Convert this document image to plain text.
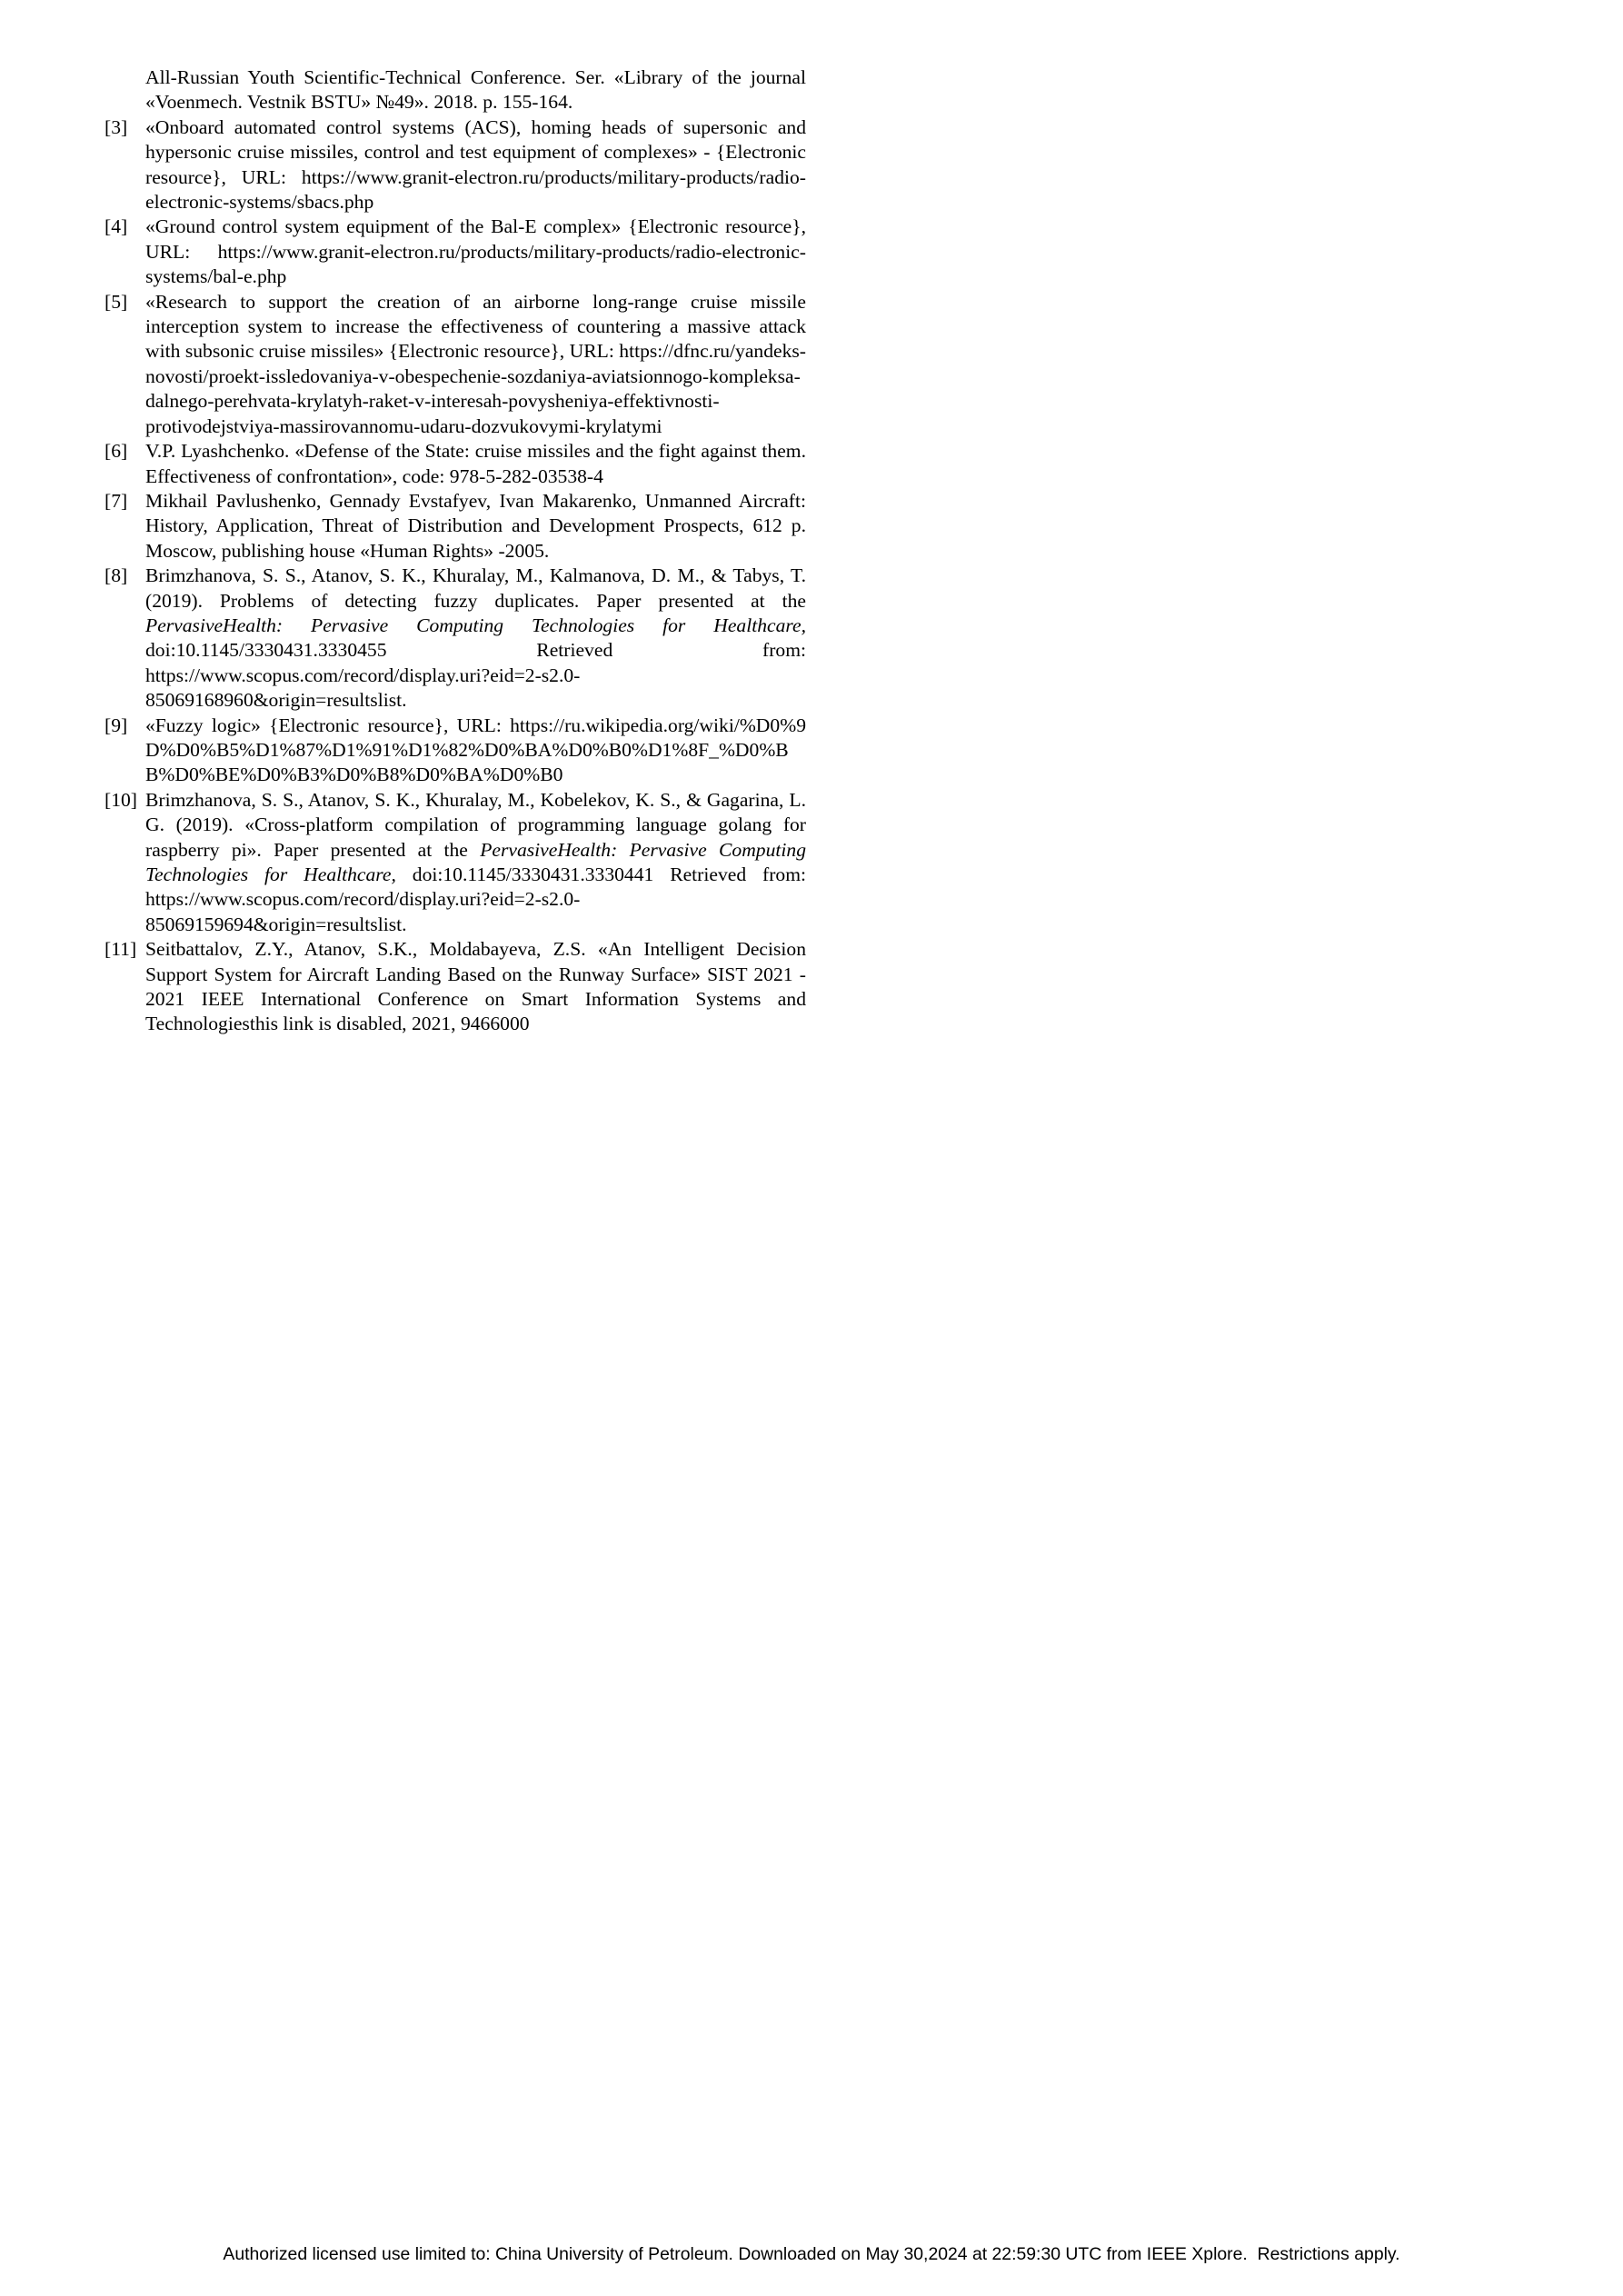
All-Russian Youth Scientific-Technical Conference. Ser. «Library of the journal «Voenmech. Vestnik BSTU» №49». 2018. p. 155-164.

[3] «Onboard automated control systems (ACS), homing heads of supersonic and hypersonic cruise missiles, control and test equipment of complexes» - {Electronic resource}, URL: https://www.granit-electron.ru/products/military-products/radio-electronic-systems/sbacs.php

[4] «Ground control system equipment of the Bal-E complex» {Electronic resource}, URL: https://www.granit-electron.ru/products/military-products/radio-electronic-systems/bal-e.php

[5] «Research to support the creation of an airborne long-range cruise missile interception system to increase the effectiveness of countering a massive attack with subsonic cruise missiles» {Electronic resource}, URL: https://dfnc.ru/yandeks-novosti/proekt-issledovaniya-v-obespechenie-sozdaniya-aviatsionnogo-kompleksa-dalnego-perehvata-krylatyh-raket-v-interesah-povysheniya-effektivnosti-protivodejstviya-massirovannomu-udaru-dozvukovymi-krylatymi

[6] V.P. Lyashchenko. «Defense of the State: cruise missiles and the fight against them. Effectiveness of confrontation», code: 978-5-282-03538-4

[7] Mikhail Pavlushenko, Gennady Evstafyev, Ivan Makarenko, Unmanned Aircraft: History, Application, Threat of Distribution and Development Prospects, 612 p. Moscow, publishing house «Human Rights» -2005.

[8] Brimzhanova, S. S., Atanov, S. K., Khuralay, M., Kalmanova, D. M., & Tabys, T. (2019). Problems of detecting fuzzy duplicates. Paper presented at the PervasiveHealth: Pervasive Computing Technologies for Healthcare, doi:10.1145/3330431.3330455 Retrieved from: https://www.scopus.com/record/display.uri?eid=2-s2.0-85069168960&origin=resultslist.

[9] «Fuzzy logic» {Electronic resource}, URL: https://ru.wikipedia.org/wiki/%D0%9D%D0%B5%D1%87%D1%91%D1%82%D0%BA%D0%B0%D1%8F_%D0%BB%D0%BE%D0%B3%D0%B8%D0%BA%D0%B0

[10] Brimzhanova, S. S., Atanov, S. K., Khuralay, M., Kobelekov, K. S., & Gagarina, L. G. (2019). «Cross-platform compilation of programming language golang for raspberry pi». Paper presented at the PervasiveHealth: Pervasive Computing Technologies for Healthcare, doi:10.1145/3330431.3330441 Retrieved from: https://www.scopus.com/record/display.uri?eid=2-s2.0-85069159694&origin=resultslist.

[11] Seitbattalov, Z.Y., Atanov, S.K., Moldabayeva, Z.S. «An Intelligent Decision Support System for Aircraft Landing Based on the Runway Surface» SIST 2021 - 2021 IEEE International Conference on Smart Information Systems and Technologiesthis link is disabled, 2021, 9466000

Authorized licensed use limited to: China University of Petroleum. Downloaded on May 30,2024 at 22:59:30 UTC from IEEE Xplore.  Restrictions apply.
